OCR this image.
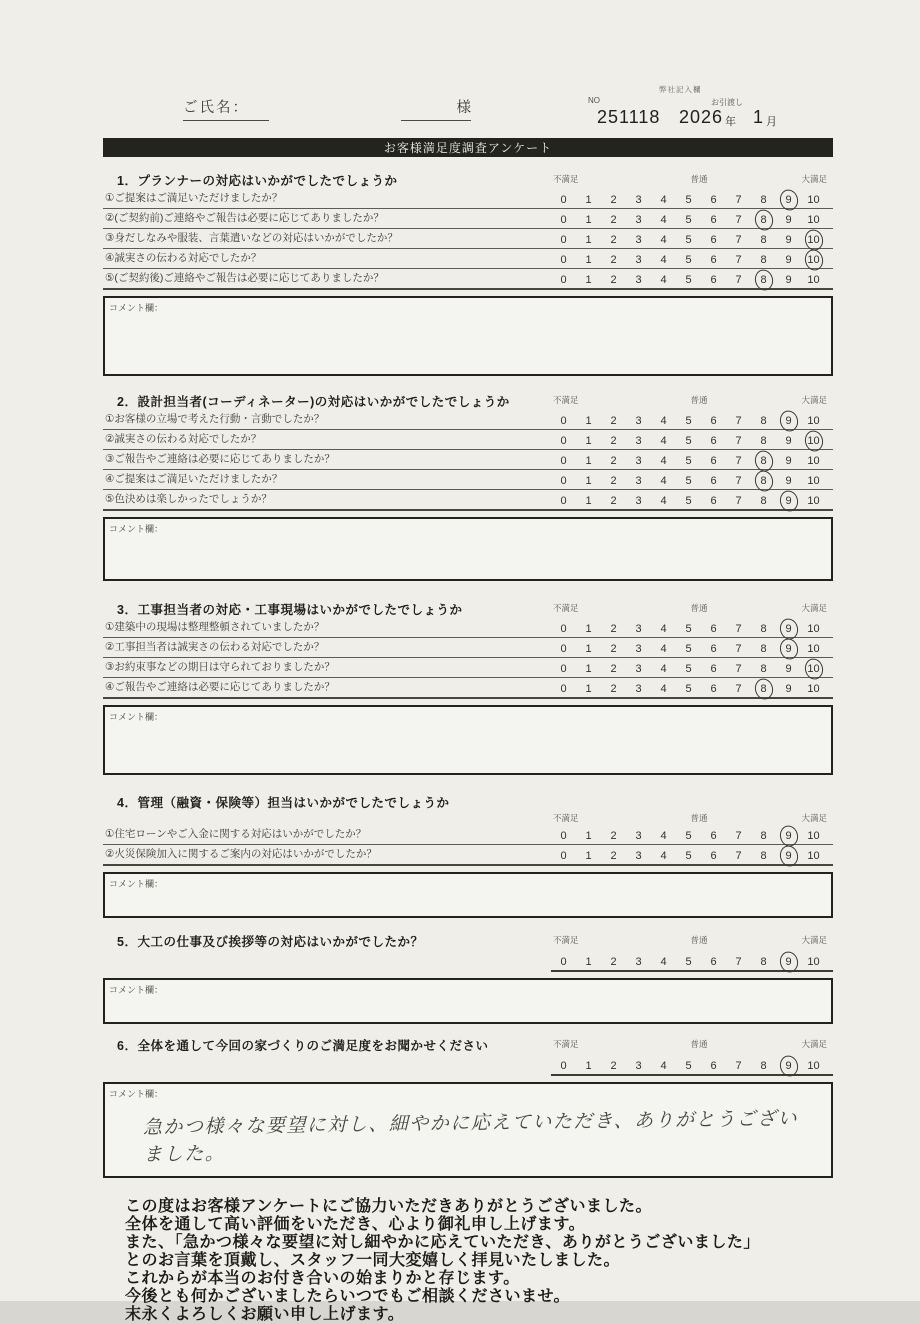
ご氏名：	様	NO
弊社記入欄
お引渡し
251118 2026 年 1 月
お客様満足度調査アンケート
1．プランナーの対応はいかがでしたでしょうか	不満足	普通	大満足
①ご提案はご満足いただけましたか？	0	1	2	3	4	5	6	7	8	9	10
②(ご契約前)ご連絡やご報告は必要に応じてありましたか？	0	1	2	3	4	5	6	7	8	9	10
③身だしなみや服装、言葉遣いなどの対応はいかがでしたか？	0	1	2	3	4	5	6	7	8	9	10
④誠実さの伝わる対応でしたか？	0	1	2	3	4	5	6	7	8	9	10
⑤(ご契約後)ご連絡やご報告は必要に応じてありましたか？	0	1	2	3	4	5	6	7	8	9	10
コメント欄：
2．設計担当者(コーディネーター)の対応はいかがでしたでしょうか	不満足	普通	大満足
①お客様の立場で考えた行動・言動でしたか？	0	1	2	3	4	5	6	7	8	9	10
②誠実さの伝わる対応でしたか？	0	1	2	3	4	5	6	7	8	9	10
③ご報告やご連絡は必要に応じてありましたか？	0	1	2	3	4	5	6	7	8	9	10
④ご提案はご満足いただけましたか？	0	1	2	3	4	5	6	7	8	9	10
⑤色決めは楽しかったでしょうか？	0	1	2	3	4	5	6	7	8	9	10
コメント欄：
3．工事担当者の対応・工事現場はいかがでしたでしょうか	不満足	普通	大満足
①建築中の現場は整理整頓されていましたか？	0	1	2	3	4	5	6	7	8	9	10
②工事担当者は誠実さの伝わる対応でしたか？	0	1	2	3	4	5	6	7	8	9	10
③お約束事などの期日は守られておりましたか？	0	1	2	3	4	5	6	7	8	9	10
④ご報告やご連絡は必要に応じてありましたか？	0	1	2	3	4	5	6	7	8	9	10
コメント欄：
4．管理（融資・保険等）担当はいかがでしたでしょうか
不満足	普通	大満足
①住宅ローンやご入金に関する対応はいかがでしたか？	0	1	2	3	4	5	6	7	8	9	10
②火災保険加入に関するご案内の対応はいかがでしたか？	0	1	2	3	4	5	6	7	8	9	10
コメント欄：
5．大工の仕事及び挨拶等の対応はいかがでしたか？	不満足	普通	大満足
0	1	2	3	4	5	6	7	8	9	10
コメント欄：
6．全体を通して今回の家づくりのご満足度をお聞かせください	不満足	普通	大満足
0	1	2	3	4	5	6	7	8	9	10
コメント欄：
急かつ様々な要望に対し、細やかに応えていただき、ありがとうございました。
この度はお客様アンケートにご協力いただきありがとうございました。
全体を通して高い評価をいただき、心より御礼申し上げます。
また、「急かつ様々な要望に対し細やかに応えていただき、ありがとうございました」
とのお言葉を頂戴し、スタッフ一同大変嬉しく拝見いたしました。
これからが本当のお付き合いの始まりかと存じます。
今後とも何かございましたらいつでもご相談くださいませ。
末永くよろしくお願い申し上げます。
